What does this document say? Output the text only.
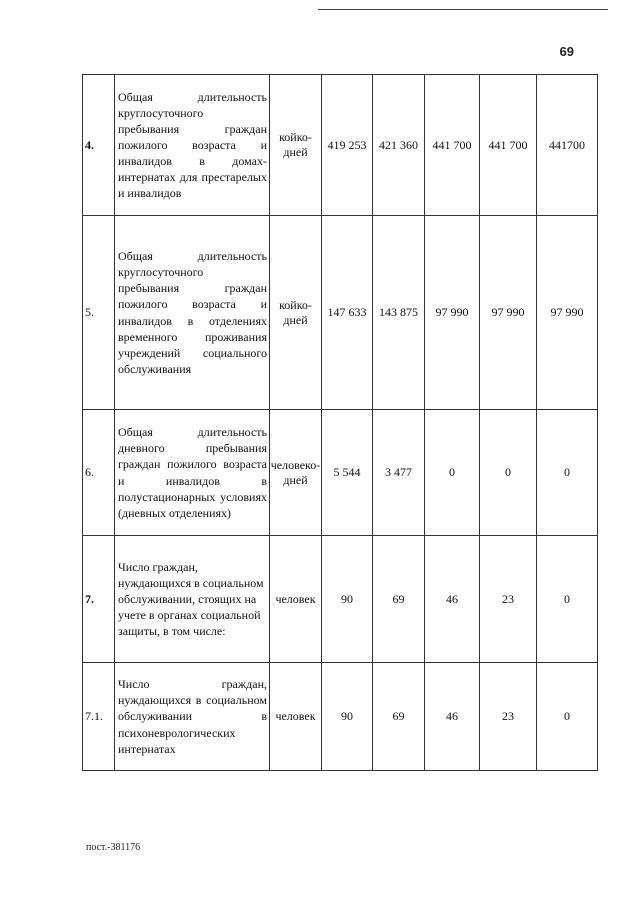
69
4.	Общая длительность круглосуточного пребывания граждан пожилого возраста и инвалидов в домах-интернатах для престарелых и инвалидов	койко-дней	419 253	421 360	441 700	441 700	441700
5.	Общая длительность круглосуточного пребывания граждан пожилого возраста и инвалидов в отделениях временного проживания учреждений социального обслуживания	койко-дней	147 633	143 875	97 990	97 990	97 990
6.	Общая длительность дневного пребывания граждан пожилого возраста и инвалидов в полустационарных условиях (дневных отделениях)	человеко-дней	5 544	3 477	0	0	0
7.	Число граждан, нуждающихся в социальном обслуживании, стоящих на учете в органах социальной защиты, в том числе:	человек	90	69	46	23	0
7.1.	Число граждан, нуждающихся в социальном обслуживании в психоневрологических интернатах	человек	90	69	46	23	0
пост.-381176
